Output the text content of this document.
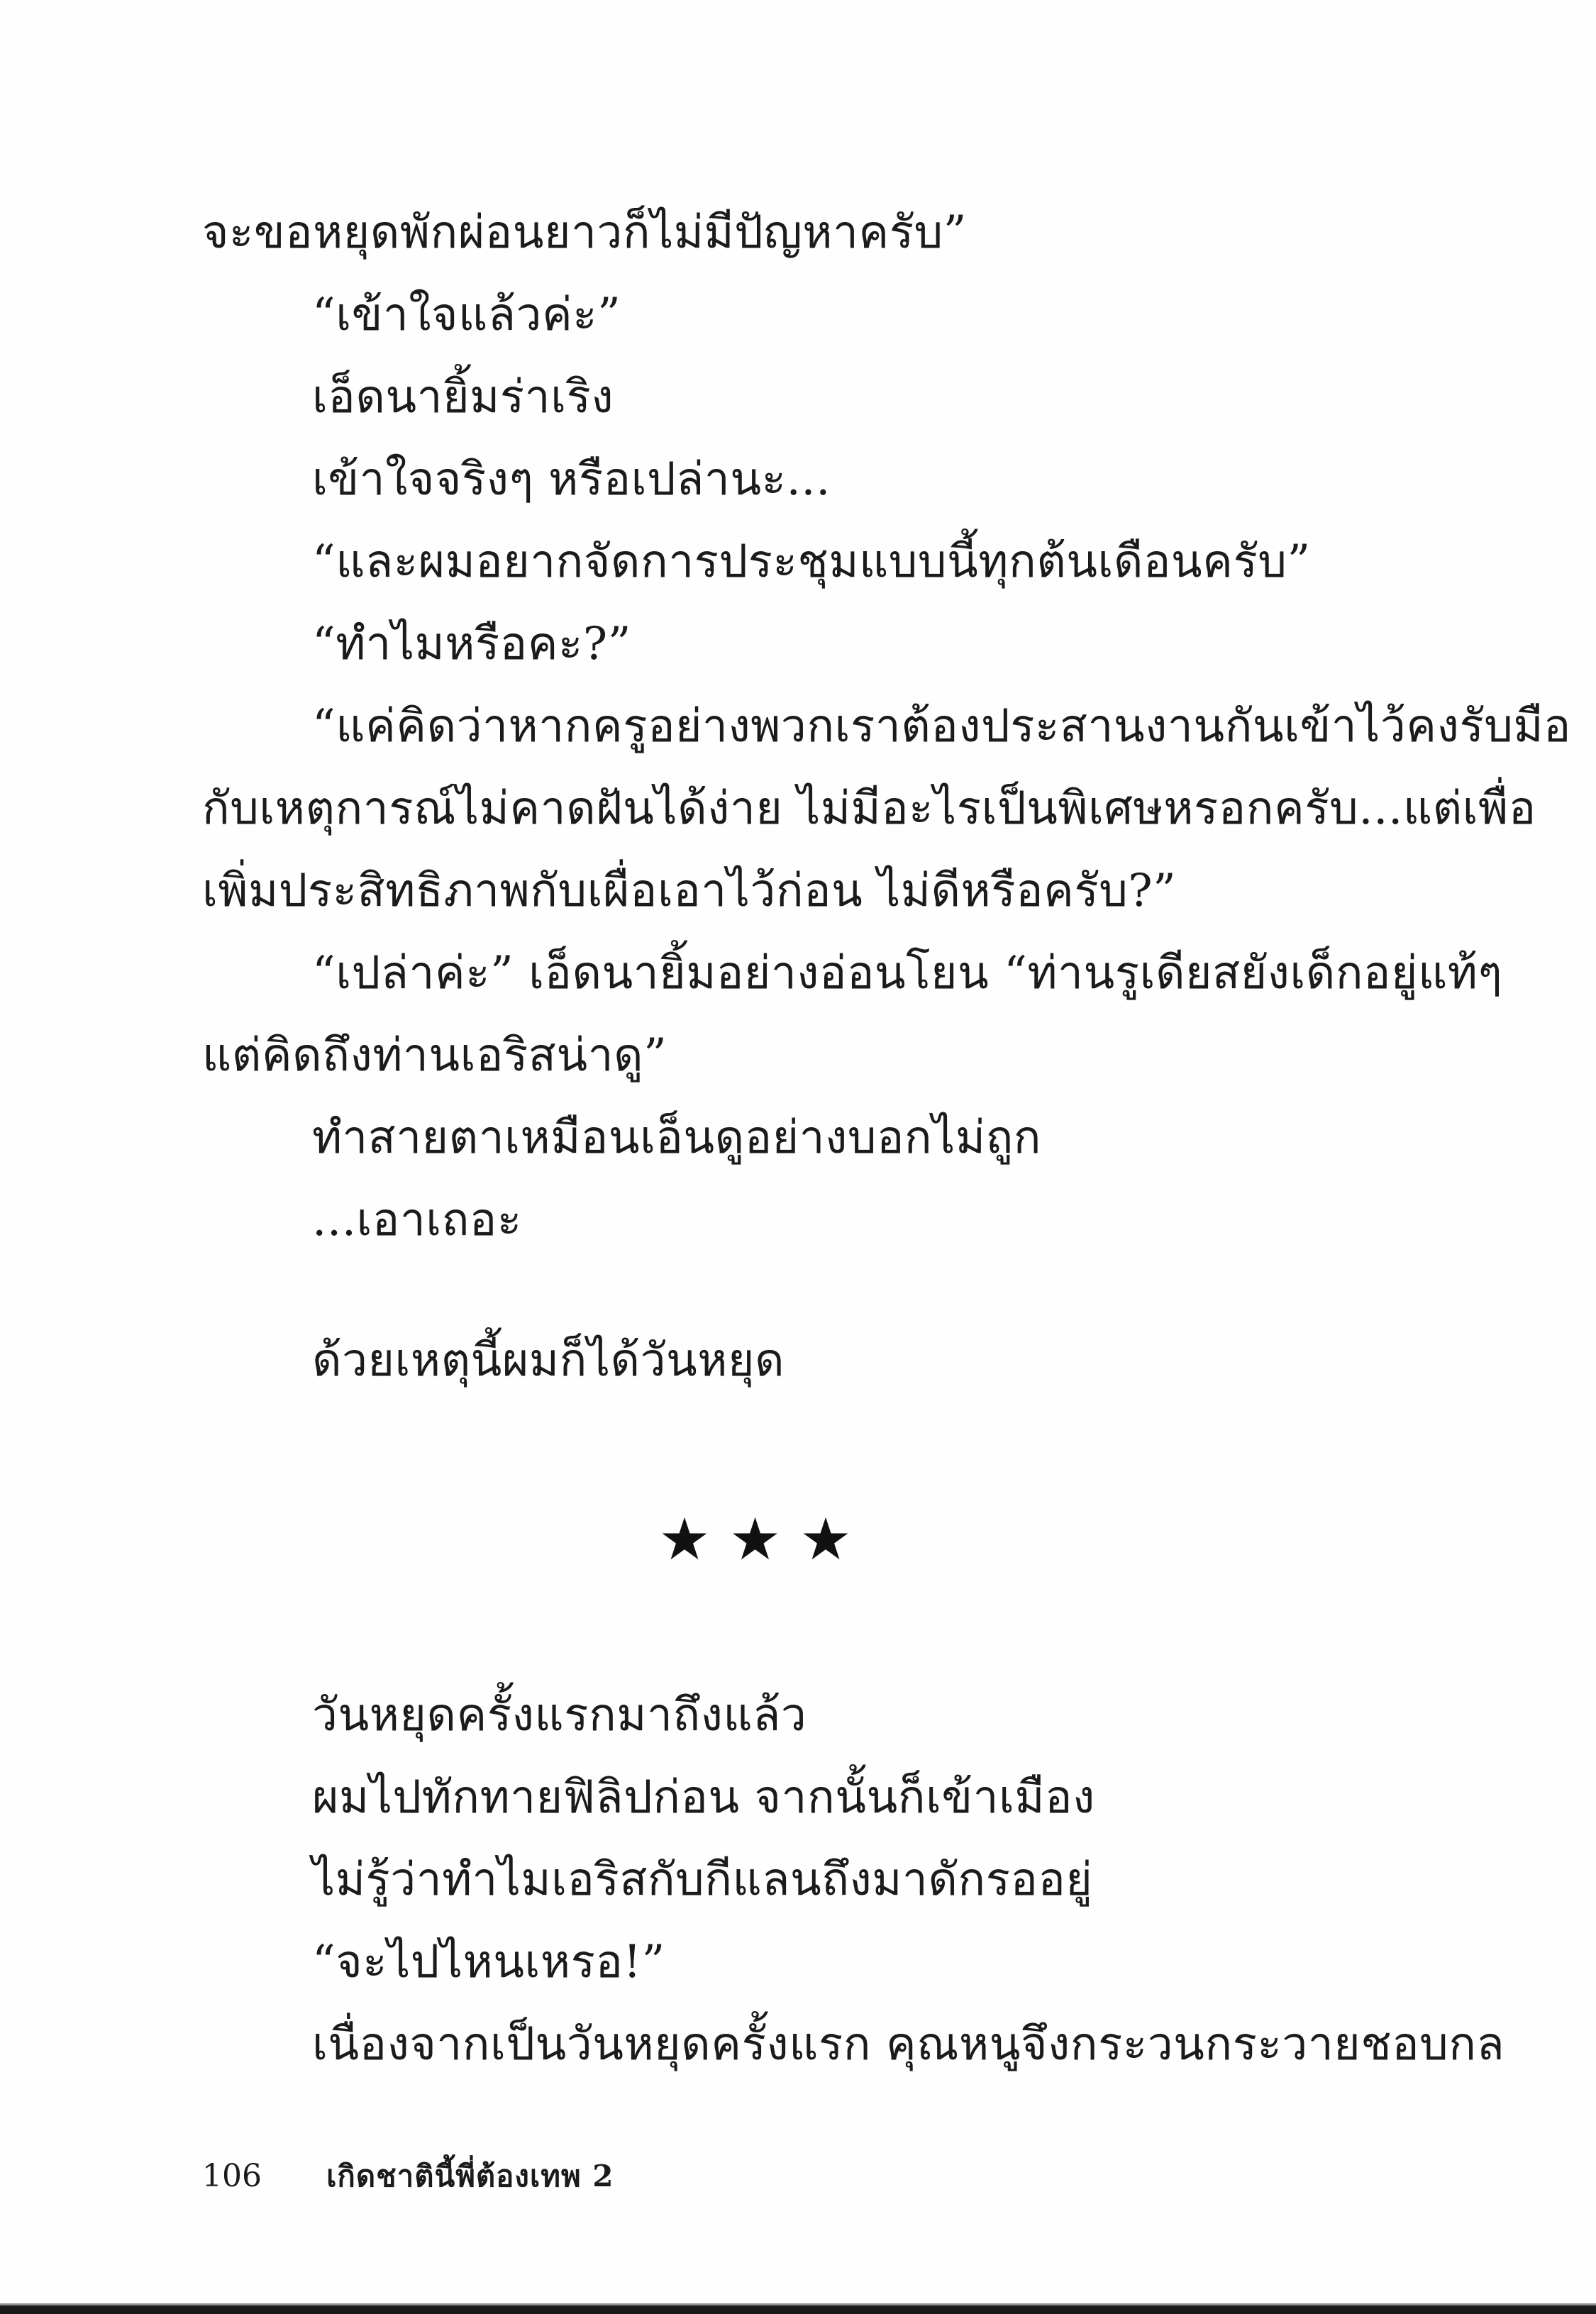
จะขอหยุดพักผ่อนยาวก็ไม่มีปัญหาครับ”
“เข้าใจแล้วค่ะ”
เอ็ดนายิ้มร่าเริง
เข้าใจจริงๆ หรือเปล่านะ...
“และผมอยากจัดการประชุมแบบนี้ทุกต้นเดือนครับ”
“ทำไมหรือคะ?”
“แค่คิดว่าหากครูอย่างพวกเราต้องประสานงานกันเข้าไว้คงรับมือ
กับเหตุการณ์ไม่คาดฝันได้ง่าย ไม่มีอะไรเป็นพิเศษหรอกครับ...แต่เพื่อ
เพิ่มประสิทธิภาพกับเผื่อเอาไว้ก่อน ไม่ดีหรือครับ?”
“เปล่าค่ะ” เอ็ดนายิ้มอย่างอ่อนโยน “ท่านรูเดียสยังเด็กอยู่แท้ๆ
แต่คิดถึงท่านเอริสน่าดู”
ทำสายตาเหมือนเอ็นดูอย่างบอกไม่ถูก
...เอาเถอะ
ด้วยเหตุนี้ผมก็ได้วันหยุด
★★★
วันหยุดครั้งแรกมาถึงแล้ว
ผมไปทักทายฟิลิปก่อน จากนั้นก็เข้าเมือง
ไม่รู้ว่าทำไมเอริสกับกีแลนถึงมาดักรออยู่
“จะไปไหนเหรอ!”
เนื่องจากเป็นวันหยุดครั้งแรก คุณหนูจึงกระวนกระวายชอบกล
106 เกิดชาตินี้พี่ต้องเทพ 2
